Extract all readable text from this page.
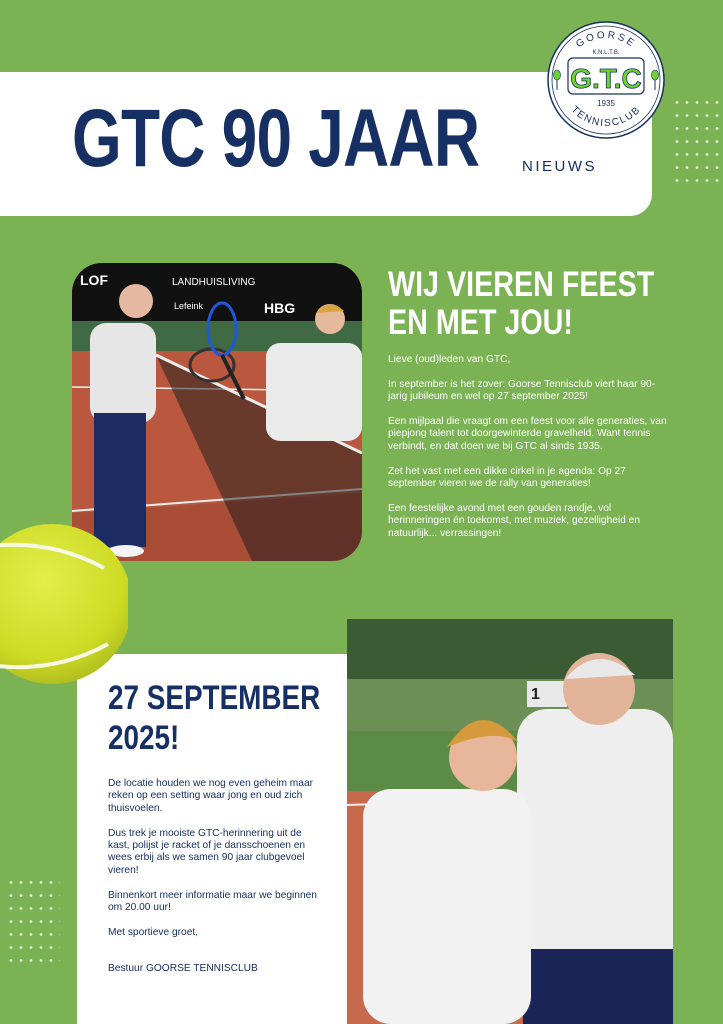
GTC 90 JAAR	NIEUWS
GOORSE
TENNISCLUB
K.N.L.T.B.
G.T.C
1935
LOF	LANDHUISLIVING
Lefeink	HBG
WIJ VIEREN FEEST
EN MET JOU!

Lieve (oud)leden van GTC,

In september is het zover: Goorse Tennisclub viert haar 90-jarig jubileum en wel op 27 september 2025!

Een mijlpaal die vraagt om een feest voor alle generaties, van piepjong talent tot doorgewinterde gravelheld. Want tennis verbindt, en dat doen we bij GTC al sinds 1935.

Zet het vast met een dikke cirkel in je agenda: Op 27 september vieren we de rally van generaties!

Een feestelijke avond met een gouden randje, vol herinneringen én toekomst, met muziek, gezelligheid en natuurlijk... verrassingen!

27 SEPTEMBER
2025!

De locatie houden we nog even geheim maar reken op een setting waar jong en oud zich thuisvoelen.

Dus trek je mooiste GTC-herinnering uit de kast, polijst je racket of je dansschoenen en wees erbij als we samen 90 jaar clubgevoel vieren!

Binnenkort meer informatie maar we beginnen om 20.00 uur!

Met sportieve groet,

Bestuur GOORSE TENNISCLUB

1
